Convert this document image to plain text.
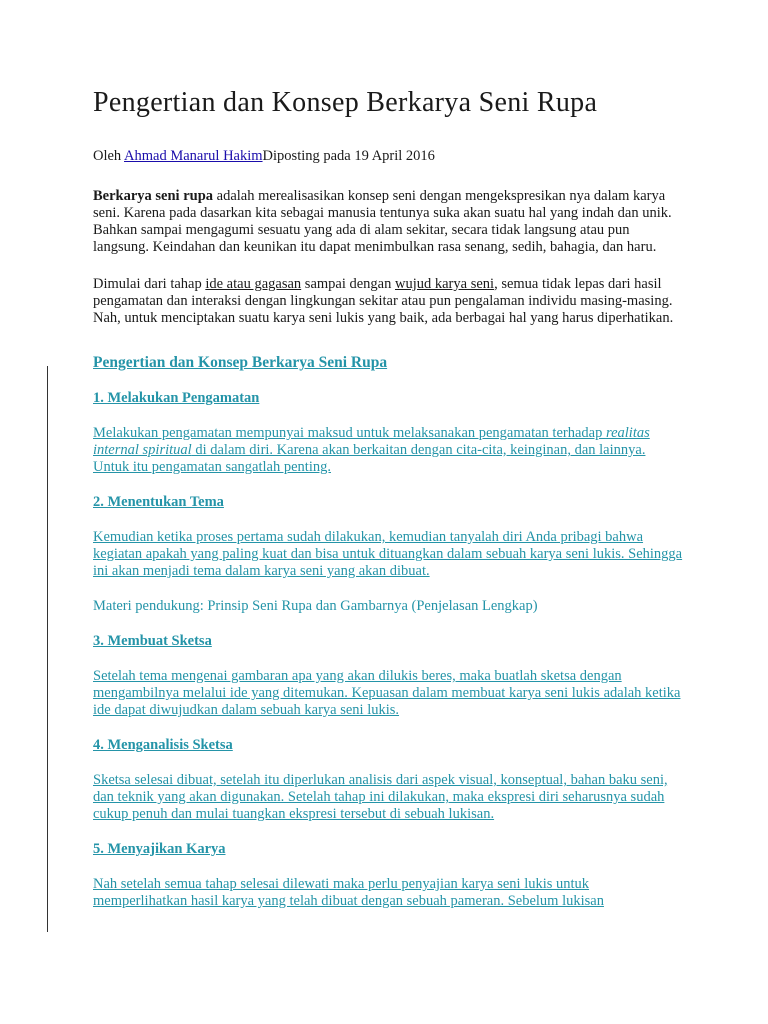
Pengertian dan Konsep Berkarya Seni Rupa
Oleh Ahmad Manarul HakimDiposting pada 19 April 2016

Berkarya seni rupa adalah merealisasikan konsep seni dengan mengekspresikan nya dalam karya seni. Karena pada dasarkan kita sebagai manusia tentunya suka akan suatu hal yang indah dan unik. Bahkan sampai mengagumi sesuatu yang ada di alam sekitar, secara tidak langsung atau pun langsung. Keindahan dan keunikan itu dapat menimbulkan rasa senang, sedih, bahagia, dan haru.

Dimulai dari tahap ide atau gagasan sampai dengan wujud karya seni, semua tidak lepas dari hasil pengamatan dan interaksi dengan lingkungan sekitar atau pun pengalaman individu masing-masing. Nah, untuk menciptakan suatu karya seni lukis yang baik, ada berbagai hal yang harus diperhatikan.

Pengertian dan Konsep Berkarya Seni Rupa
1. Melakukan Pengamatan

Melakukan pengamatan mempunyai maksud untuk melaksanakan pengamatan terhadap realitas internal spiritual di dalam diri. Karena akan berkaitan dengan cita-cita, keinginan, dan lainnya. Untuk itu pengamatan sangatlah penting.

2. Menentukan Tema

Kemudian ketika proses pertama sudah dilakukan, kemudian tanyalah diri Anda pribagi bahwa kegiatan apakah yang paling kuat dan bisa untuk dituangkan dalam sebuah karya seni lukis. Sehingga ini akan menjadi tema dalam karya seni yang akan dibuat.

Materi pendukung: Prinsip Seni Rupa dan Gambarnya (Penjelasan Lengkap)

3. Membuat Sketsa

Setelah tema mengenai gambaran apa yang akan dilukis beres, maka buatlah sketsa dengan mengambilnya melalui ide yang ditemukan. Kepuasan dalam membuat karya seni lukis adalah ketika ide dapat diwujudkan dalam sebuah karya seni lukis.

4. Menganalisis Sketsa

Sketsa selesai dibuat, setelah itu diperlukan analisis dari aspek visual, konseptual, bahan baku seni, dan teknik yang akan digunakan. Setelah tahap ini dilakukan, maka ekspresi diri seharusnya sudah cukup penuh dan mulai tuangkan ekspresi tersebut di sebuah lukisan.

5. Menyajikan Karya

Nah setelah semua tahap selesai dilewati maka perlu penyajian karya seni lukis untuk memperlihatkan hasil karya yang telah dibuat dengan sebuah pameran. Sebelum lukisan
